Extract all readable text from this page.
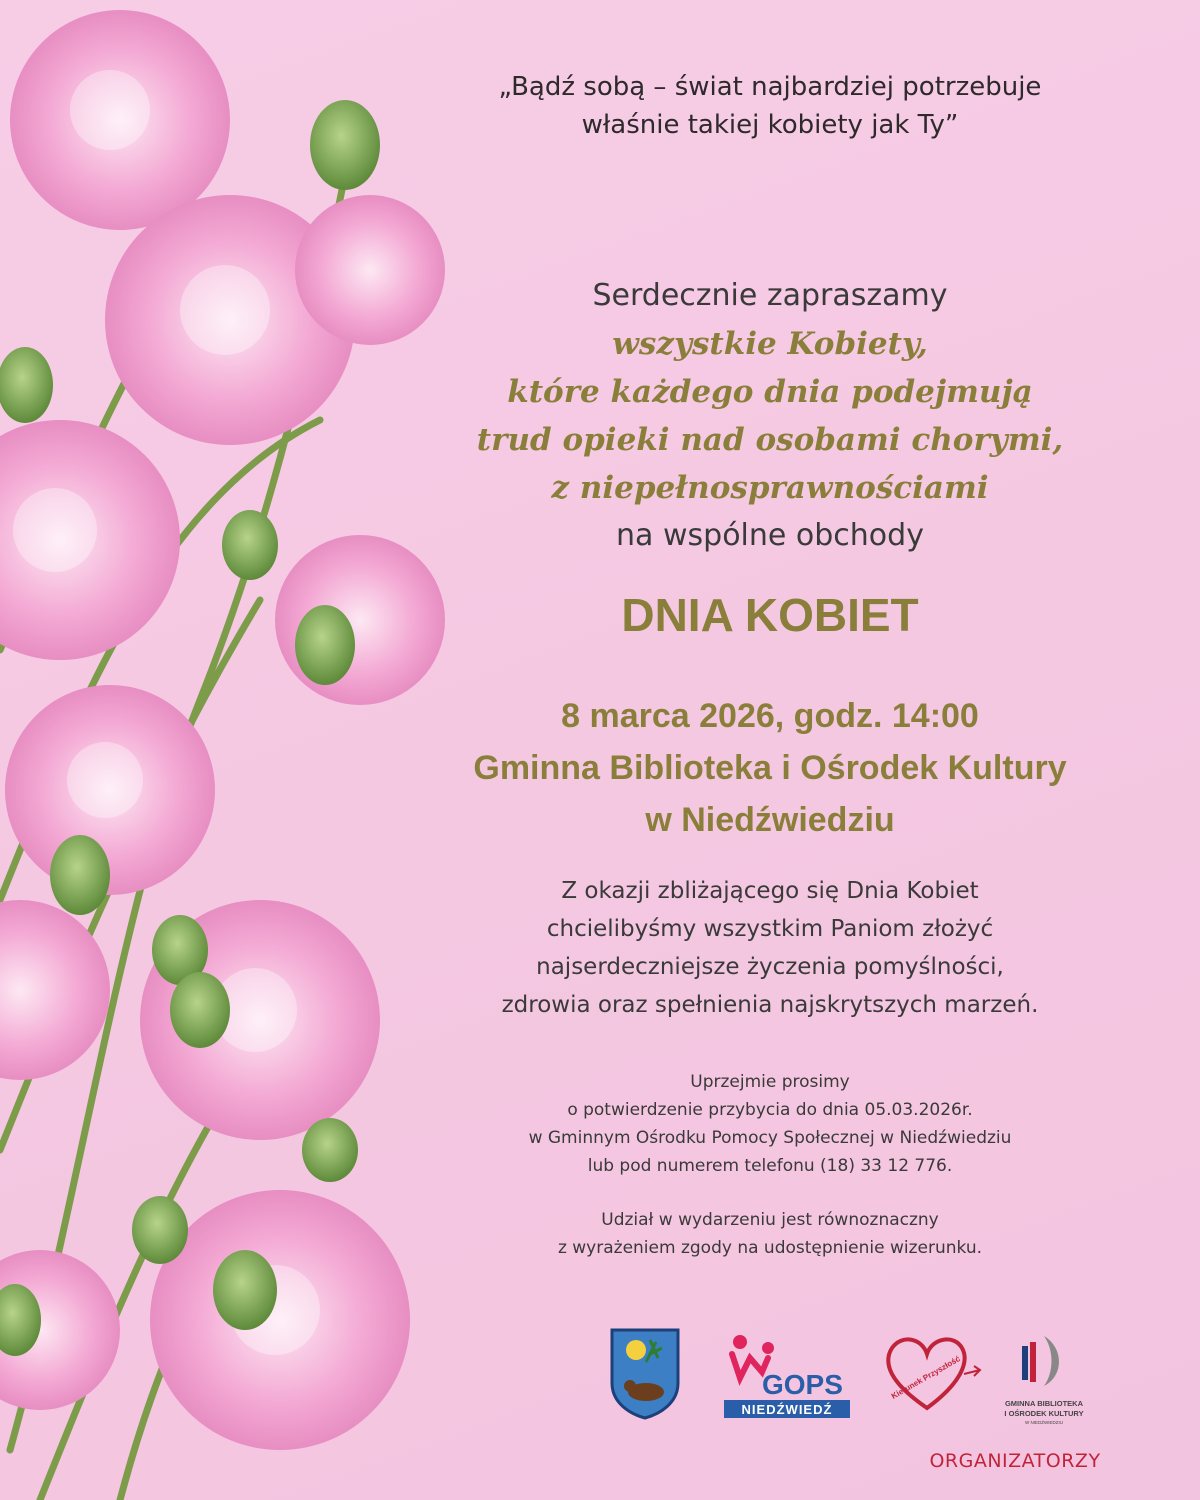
„Bądź sobą – świat najbardziej potrzebuje
właśnie takiej kobiety jak Ty”
Serdecznie zapraszamy
wszystkie Kobiety,
które każdego dnia podejmują
trud opieki nad osobami chorymi,
z niepełnosprawnościami
na wspólne obchody
DNIA KOBIET
8 marca 2026, godz. 14:00
Gminna Biblioteka i Ośrodek Kultury
w Niedźwiedziu
Z okazji zbliżającego się Dnia Kobiet
chcielibyśmy wszystkim Paniom złożyć
najserdeczniejsze życzenia pomyślności,
zdrowia oraz spełnienia najskrytszych marzeń.
Uprzejmie prosimy
o potwierdzenie przybycia do dnia 05.03.2026r.
w Gminnym Ośrodku Pomocy Społecznej w Niedźwiedziu
lub pod numerem telefonu (18) 33 12 776.
Udział w wydarzeniu jest równoznaczny
z wyrażeniem zgody na udostępnienie wizerunku.
GOPS
NIEDŹWIEDŹ
Kierunek Przyszłość
GMINNA BIBLIOTEKA
I OŚRODEK KULTURY
W NIEDŹWIEDZIU
ORGANIZATORZY
